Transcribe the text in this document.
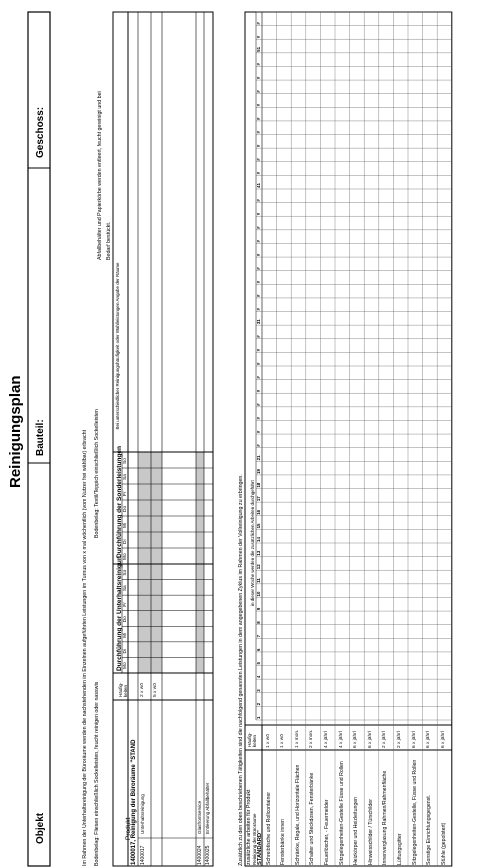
Reinigungsplan
Objekt
Bauteil:
Geschoss:
Im Rahmen der Unterhaltsreinigung der Büroräume werden die nachstehenden im Einzelnen aufgeführten Leistungen im Turnus von x mal wöchentlich (vom Nutzer frei wählbar) erbracht Bodenbelag: Fliesen einschließlich Sockelleisten, feucht reinigen oder nasswis
Bodenbelag: Textil/Teppich einschließlich Sockelleisten
Abfallbehälter und Papierkörbe werden entleert, feucht gereinigt und bei Bedarf bestückt.
Produkt
Häufig-keiten
Durchführung der Unterhaltsreinigun
Durchführung der Sonderleistungen
Bei unterschiedlicher Reinigungshäufigkeit oder Wahlleistungen Angabe der Räume
Mo
Di
Mi
Do
Fr
Sa
So
Mo
Di
Mi
Do
Fr
Sa
So
1400017, Reinigung der Büroräume "STAND 1400017
Unterhaltsreinigung
2 x wö 5 x wö
1400024
Glasfrontservice
1400025
Entleerung Abfallbehälter	Zusätzlich zu den oben beschriebenen Tätigkeiten sind die nachfolgend genannten Leistungen in dem angegebenen Zyklus im Rahmen der Vollreinigung zu erbringen. zusätzliche arbeiten für Produkt Reinigung der Büroräume STANDARD"
Häufig-keiten
in dieser Woche werden die zusätzlichen Arbeiten durchgeführt
1
2
3
4
5
6
7
8
9
10
11
12
13
14
15
16
17
18
19
21
#
#
#
#
#
#
#
#
#
31
#
#
#
#
#
#
#
#
#
41
#
#
#
#
#
#
#
#
#
51
#
#
Schreibtische und Rollcontainer
1 x wö
Fensterbänke innen
1 x wö
Schränke, Regale, und Horizontale Flächen
1 x mon.
Schalter und Steckdosen, Fensterbänke
2 x mon.
Feuerlöscher, - Feuermelder
4 x jährl
Sitzgelegenheiten-Gestelle Füsse und Rollen
4 x jährl
Heizkörper und Heizleitungen
6 x jährl
Hinweisschilder / Türschilder
6 x jährl
Innenverglasung Rahmen/Rahmenfläche
2 x jährl
Lüftungsgitter
2 x jährl
Sitzgelegenheiten-Gestelle, Füsse und Rollen
6 x jährl
Sonstige Einrichtungsgegenst.
6 x jährl
Stühle (gepolstert)
6 x jährl
